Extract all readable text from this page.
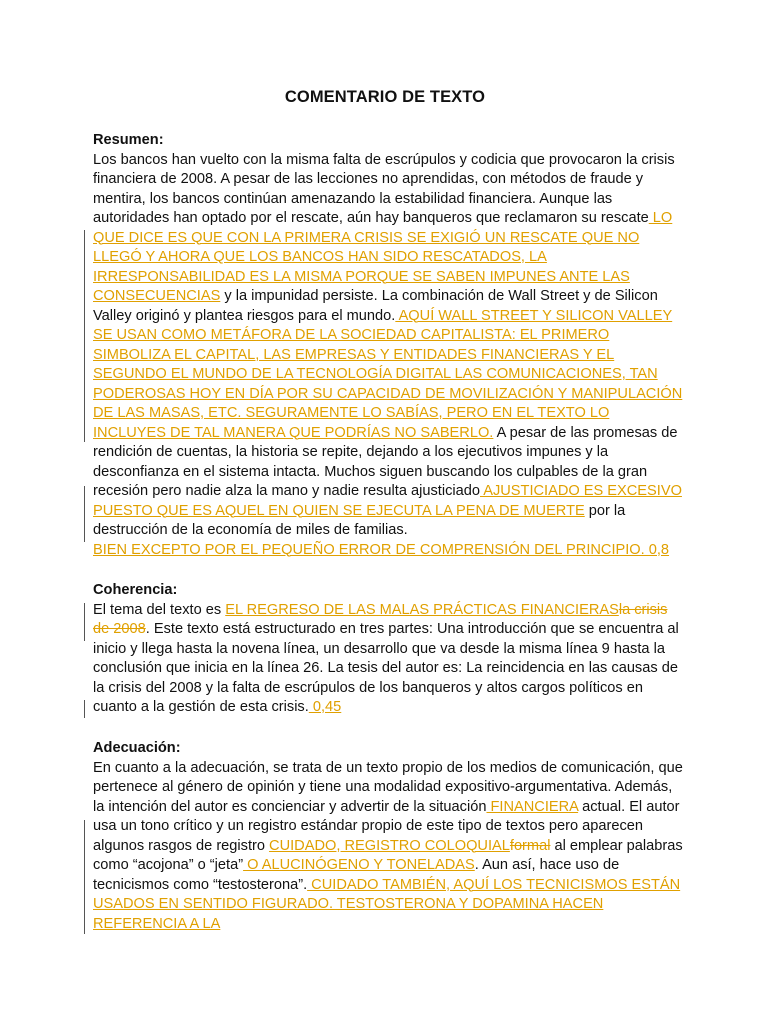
COMENTARIO DE TEXTO
Resumen:
Los bancos han vuelto con la misma falta de escrúpulos y codicia que provocaron la crisis financiera de 2008. A pesar de las lecciones no aprendidas, con métodos de fraude y mentira, los bancos continúan amenazando la estabilidad financiera. Aunque las autoridades han optado por el rescate, aún hay banqueros que reclamaron su rescate LO QUE DICE ES QUE CON LA PRIMERA CRISIS SE EXIGIÓ UN RESCATE QUE NO LLEGÓ Y AHORA QUE LOS BANCOS HAN SIDO RESCATADOS, LA IRRESPONSABILIDAD ES LA MISMA PORQUE SE SABEN IMPUNES ANTE LAS CONSECUENCIAS y la impunidad persiste. La combinación de Wall Street y de Silicon Valley originó y plantea riesgos para el mundo. AQUÍ WALL STREET Y SILICON VALLEY SE USAN COMO METÁFORA DE LA SOCIEDAD CAPITALISTA: EL PRIMERO SIMBOLIZA EL CAPITAL, LAS EMPRESAS Y ENTIDADES FINANCIERAS Y EL SEGUNDO EL MUNDO DE LA TECNOLOGÍA DIGITAL LAS COMUNICACIONES, TAN PODEROSAS HOY EN DÍA POR SU CAPACIDAD DE MOVILIZACIÓN Y MANIPULACIÓN DE LAS MASAS, ETC. SEGURAMENTE LO SABÍAS, PERO EN EL TEXTO LO INCLUYES DE TAL MANERA QUE PODRÍAS NO SABERLO. A pesar de las promesas de rendición de cuentas, la historia se repite, dejando a los ejecutivos impunes y la desconfianza en el sistema intacta. Muchos siguen buscando los culpables de la gran recesión pero nadie alza la mano y nadie resulta ajusticiado AJUSTICIADO ES EXCESIVO PUESTO QUE ES AQUEL EN QUIEN SE EJECUTA LA PENA DE MUERTE por la destrucción de la economía de miles de familias.
BIEN EXCEPTO POR EL PEQUEÑO ERROR DE COMPRENSIÓN DEL PRINCIPIO. 0,8
Coherencia:
El tema del texto es EL REGRESO DE LAS MALAS PRÁCTICAS FINANCIERASla crisis de 2008. Este texto está estructurado en tres partes: Una introducción que se encuentra al inicio y llega hasta la novena línea, un desarrollo que va desde la misma línea 9 hasta la conclusión que inicia en la línea 26. La tesis del autor es: La reincidencia en las causas de la crisis del 2008 y la falta de escrúpulos de los banqueros y altos cargos políticos en cuanto a la gestión de esta crisis. 0,45
Adecuación:
En cuanto a la adecuación, se trata de un texto propio de los medios de comunicación, que pertenece al género de opinión y tiene una modalidad expositivo-argumentativa. Además, la intención del autor es concienciar y advertir de la situación FINANCIERA actual. El autor usa un tono crítico y un registro estándar propio de este tipo de textos pero aparecen algunos rasgos de registro CUIDADO, REGISTRO COLOQUIALformal al emplear palabras como “acojona” o “jeta” O ALUCINÓGENO Y TONELADAS. Aun así, hace uso de tecnicismos como “testosterona”. CUIDADO TAMBIÉN, AQUÍ LOS TECNICISMOS ESTÁN USADOS EN SENTIDO FIGURADO. TESTOSTERONA Y DOPAMINA HACEN REFERENCIA A LA
